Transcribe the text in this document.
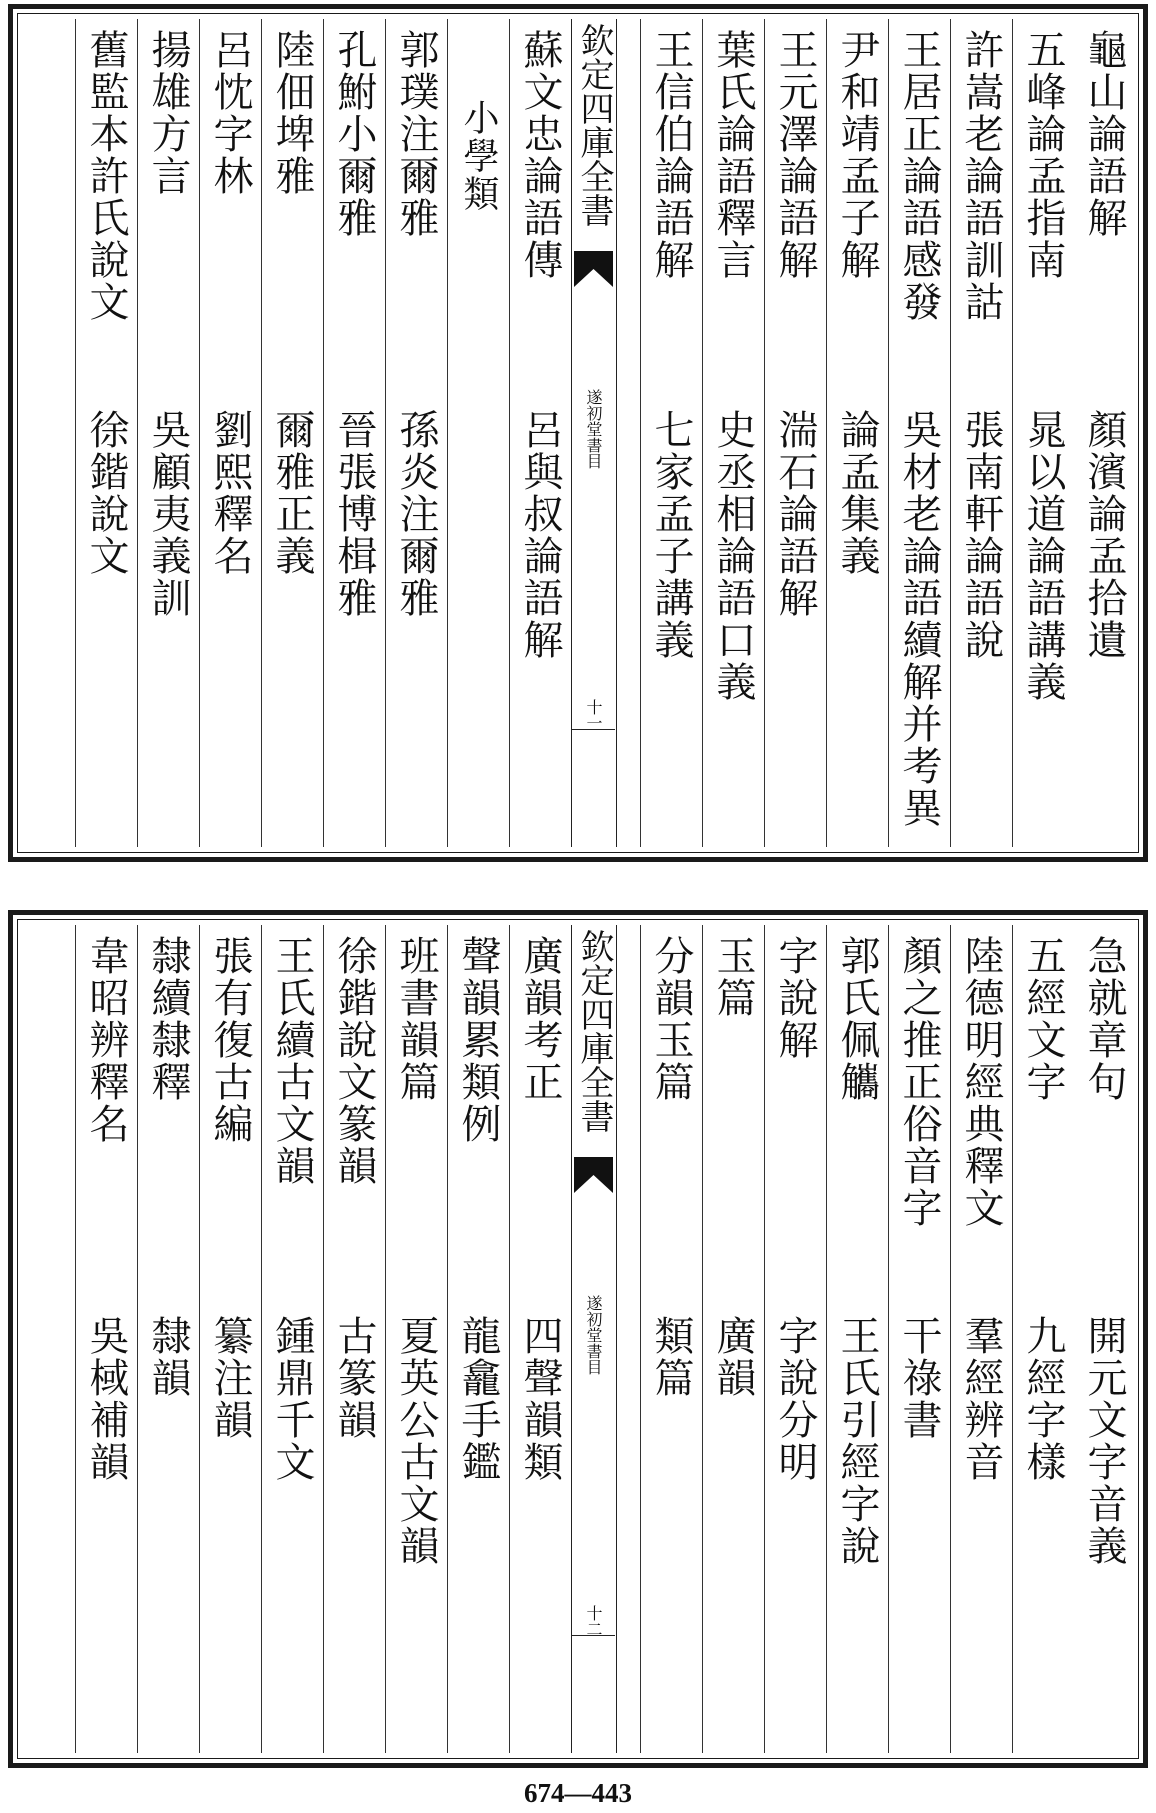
龜山論語解
顏濱論孟拾遺
五峰論孟指南
晁以道論語講義
許嵩老論語訓詁
張南軒論語說
王居正論語感發
吳材老論語續解并考異
尹和靖孟子解
論孟集義
王元澤論語解
湍石論語解
葉氏論語釋言
史丞相論語口義
王信伯論語解
七家孟子講義
欽定四庫全書
遂初堂書目
十一
蘇文忠論語傳
呂與叔論語解
小學類
郭璞注爾雅
孫炎注爾雅
孔鮒小爾雅
晉張博楫雅
陸佃埤雅
爾雅正義
呂忱字林
劉熙釋名
揚雄方言
吳顧夷義訓
舊監本許氏說文
徐鍇說文
急就章句
開元文字音義
五經文字
九經字樣
陸德明經典釋文
羣經辨音
顏之推正俗音字
干祿書
郭氏佩觿
王氏引經字說
字說解
字說分明
玉篇
廣韻
分韻玉篇
類篇
欽定四庫全書
遂初堂書目
十二
廣韻考正
四聲韻類
聲韻累類例
龍龕手鑑
班書韻篇
夏英公古文韻
徐鍇說文篆韻
古篆韻
王氏續古文韻
鍾鼎千文
張有復古編
纂注韻
隸續隸釋
隸韻
韋昭辨釋名
吳棫補韻
674—443
